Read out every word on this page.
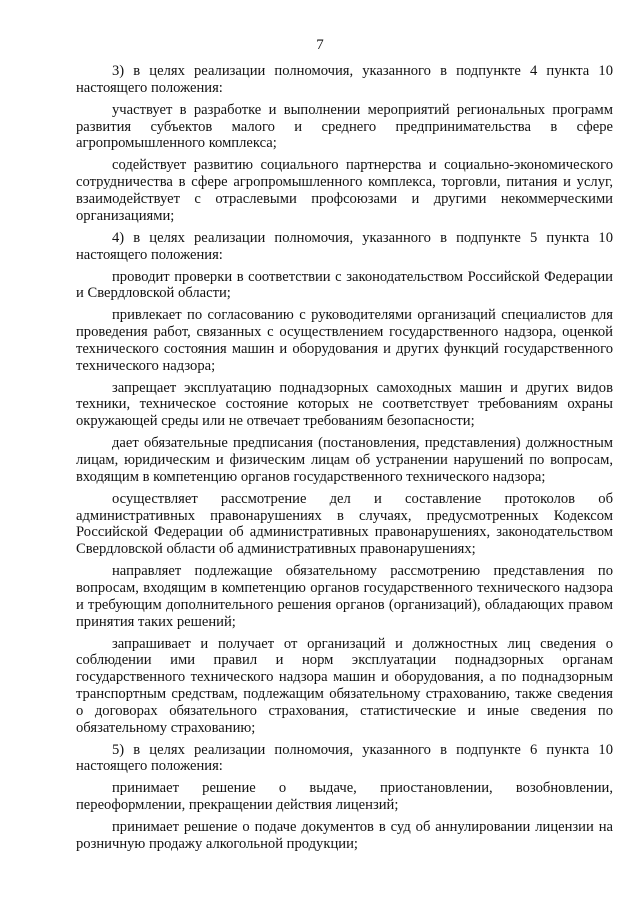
7

3) в целях реализации полномочия, указанного в подпункте 4 пункта 10 настоящего положения:

участвует в разработке и выполнении мероприятий региональных программ развития субъектов малого и среднего предпринимательства в сфере агропромышленного комплекса;

содействует развитию социального партнерства и социально-экономического сотрудничества в сфере агропромышленного комплекса, торговли, питания и услуг, взаимодействует с отраслевыми профсоюзами и другими некоммерческими организациями;

4) в целях реализации полномочия, указанного в подпункте 5 пункта 10 настоящего положения:

проводит проверки в соответствии с законодательством Российской Федерации и Свердловской области;

привлекает по согласованию с руководителями организаций специалистов для проведения работ, связанных с осуществлением государственного надзора, оценкой технического состояния машин и оборудования и других функций государственного технического надзора;

запрещает эксплуатацию поднадзорных самоходных машин и других видов техники, техническое состояние которых не соответствует требованиям охраны окружающей среды или не отвечает требованиям безопасности;

дает обязательные предписания (постановления, представления) должностным лицам, юридическим и физическим лицам об устранении нарушений по вопросам, входящим в компетенцию органов государственного технического надзора;

осуществляет рассмотрение дел и составление протоколов об административных правонарушениях в случаях, предусмотренных Кодексом Российской Федерации об административных правонарушениях, законодательством Свердловской области об административных правонарушениях;

направляет подлежащие обязательному рассмотрению представления по вопросам, входящим в компетенцию органов государственного технического надзора и требующим дополнительного решения органов (организаций), обладающих правом принятия таких решений;

запрашивает и получает от организаций и должностных лиц сведения о соблюдении ими правил и норм эксплуатации поднадзорных органам государственного технического надзора машин и оборудования, а по поднадзорным транспортным средствам, подлежащим обязательному страхованию, также сведения о договорах обязательного страхования, статистические и иные сведения по обязательному страхованию;

5) в целях реализации полномочия, указанного в подпункте 6 пункта 10 настоящего положения:

принимает решение о выдаче, приостановлении, возобновлении, переоформлении, прекращении действия лицензий;

принимает решение о подаче документов в суд об аннулировании лицензии на розничную продажу алкогольной продукции;
